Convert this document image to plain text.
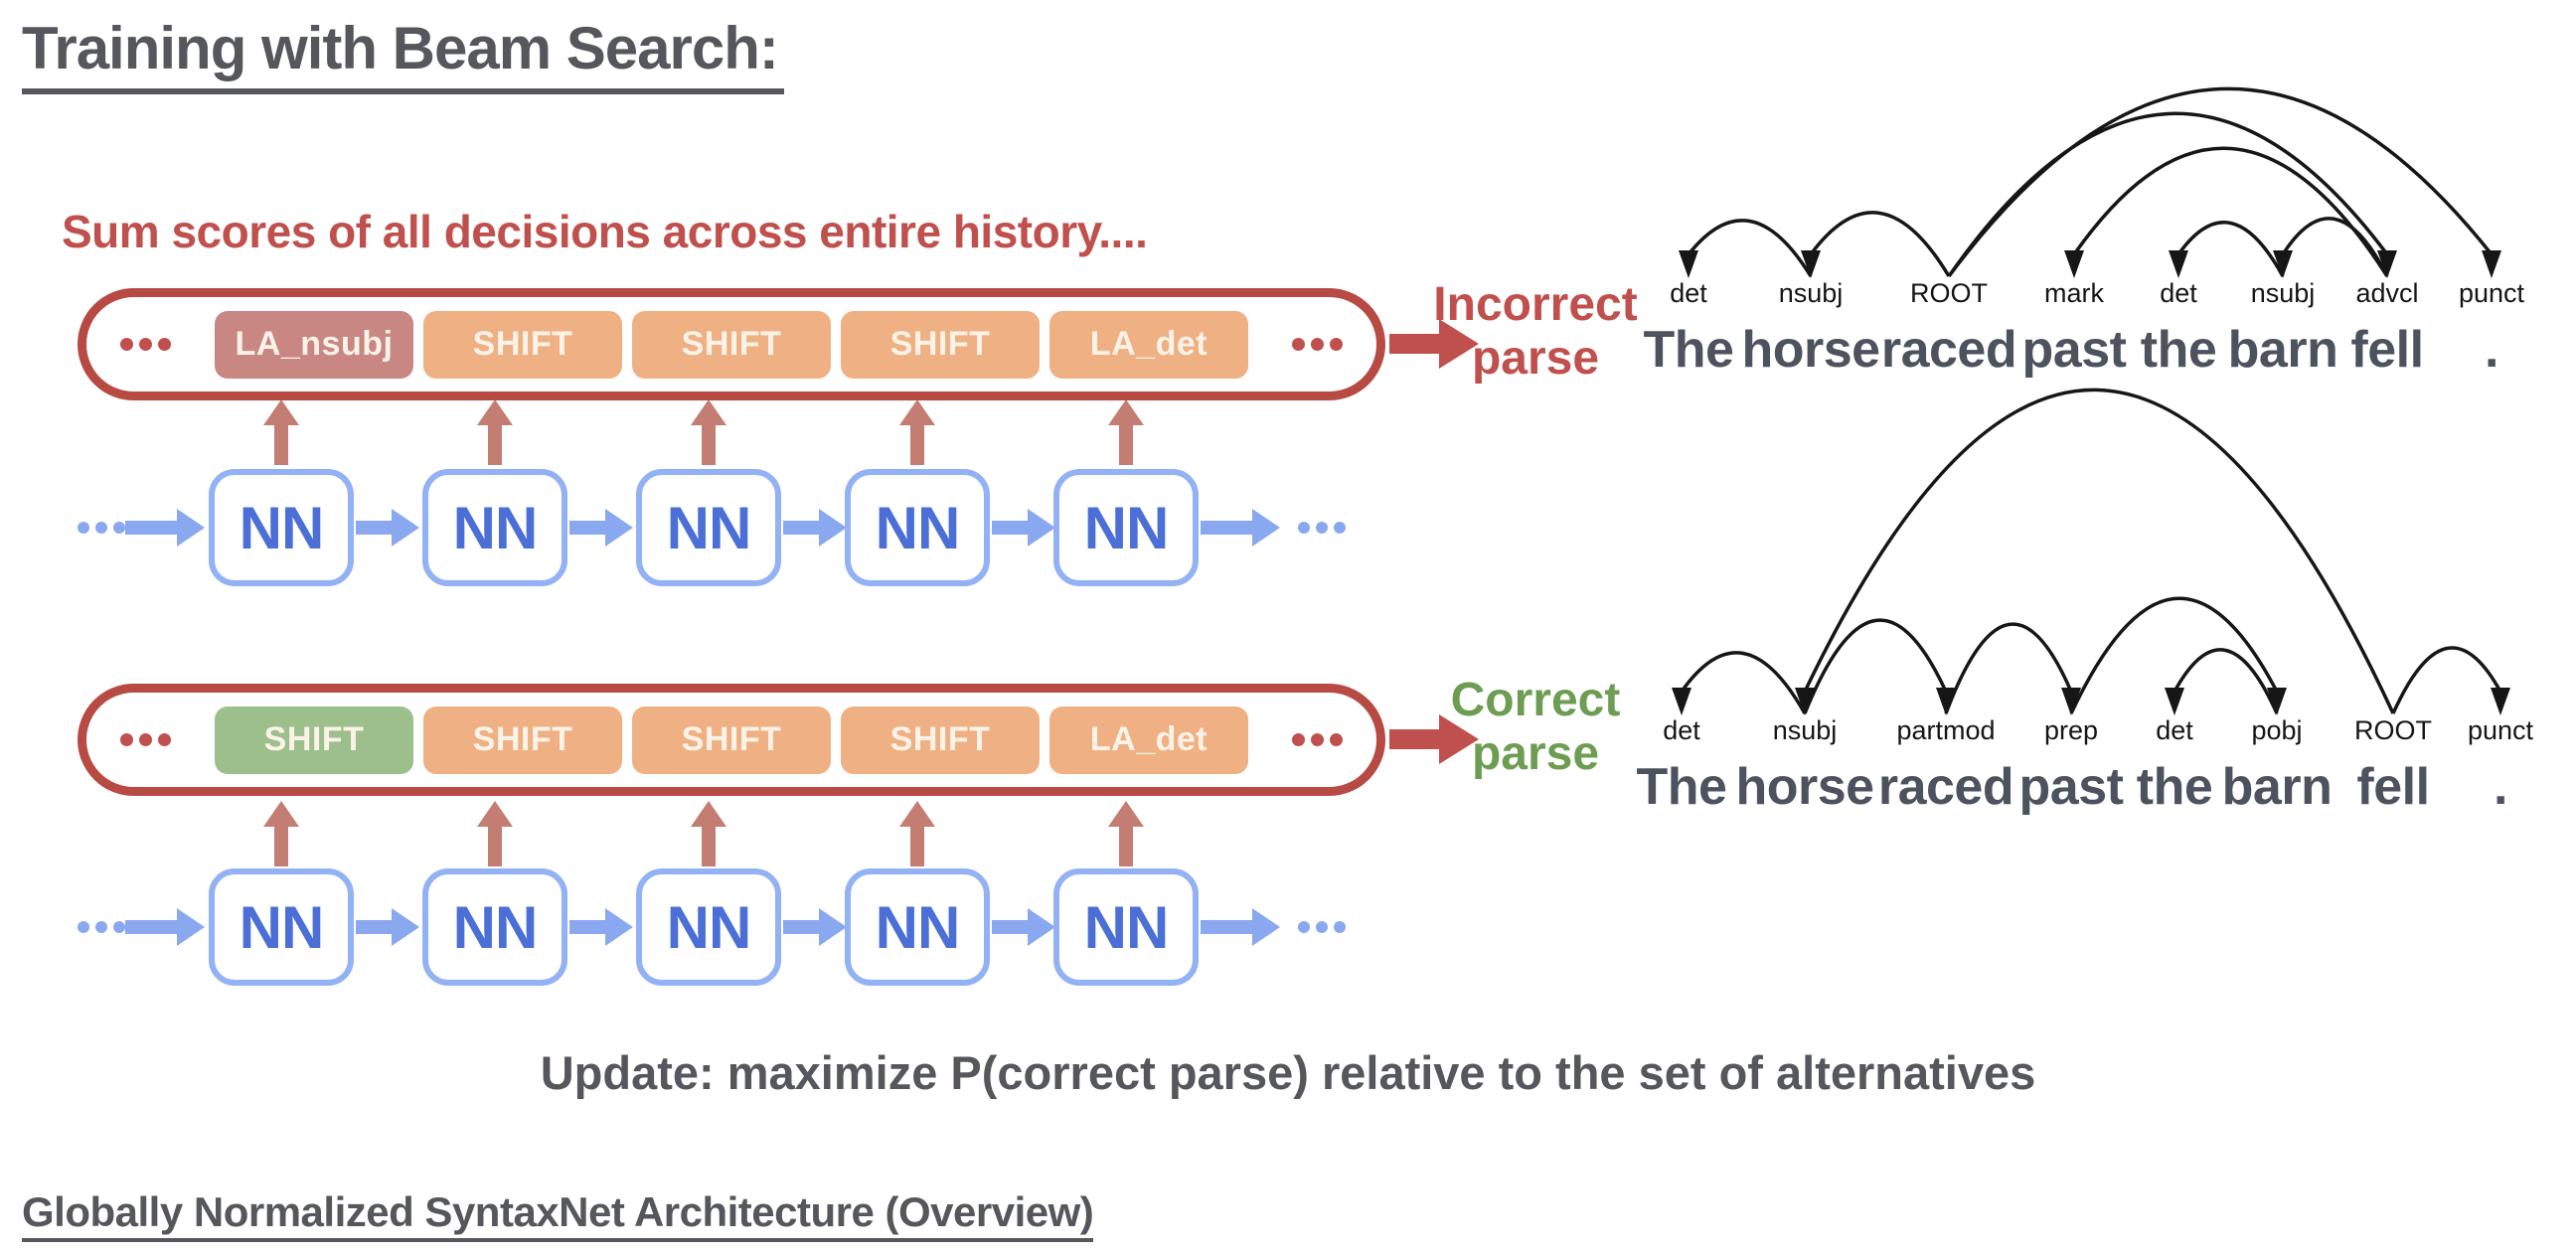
Training with Beam Search:
Sum scores of all decisions across entire history....
LA_nsubj	SHIFT	SHIFT	SHIFT	LA_det
Incorrect
parse
NN	NN	NN	NN	NN
SHIFT	SHIFT	SHIFT	SHIFT	LA_det
Correct
parse
NN	NN	NN	NN	NN
det	nsubj	ROOT	mark	det	nsubj	advcl	punct
The horse raced past the barn fell	.
det	nsubj	partmod	prep	det	pobj	ROOT	punct
The horse raced past the barn fell	.
Update: maximize P(correct parse) relative to the set of alternatives
Globally Normalized SyntaxNet Architecture (Overview)
